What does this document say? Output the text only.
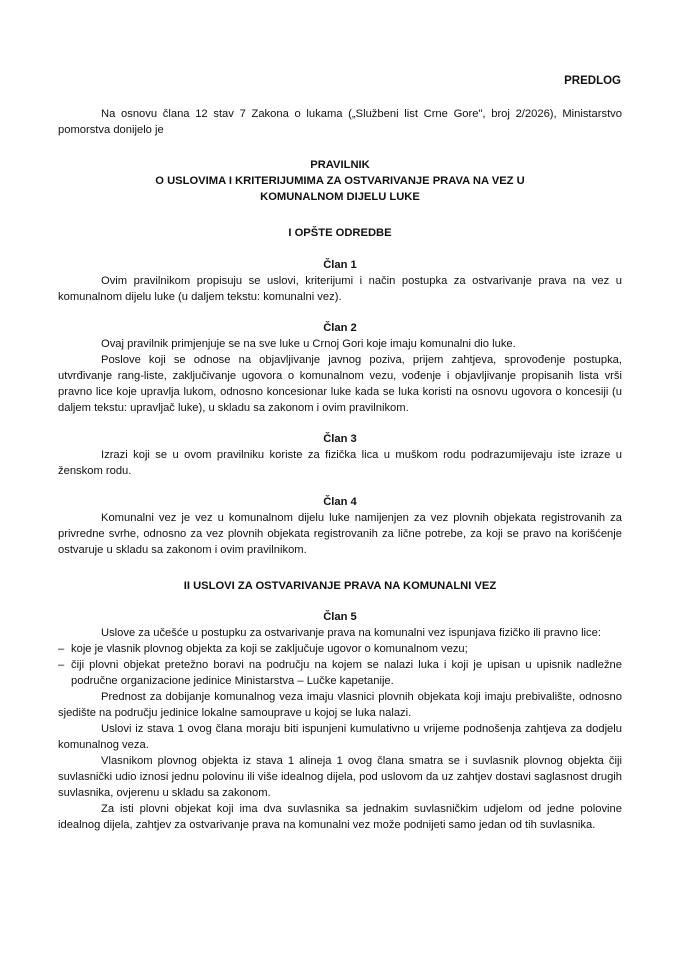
PREDLOG

Na osnovu člana 12 stav 7 Zakona o lukama („Službeni list Crne Gore", broj 2/2026), Ministarstvo pomorstva donijelo je

PRAVILNIK
O USLOVIMA I KRITERIJUMIMA ZA OSTVARIVANJE PRAVA NA VEZ U KOMUNALNOM DIJELU LUKE
I OPŠTE ODREDBE
Član 1

Ovim pravilnikom propisuju se uslovi, kriterijumi i način postupka za ostvarivanje prava na vez u komunalnom dijelu luke (u daljem tekstu: komunalni vez).

Član 2

Ovaj pravilnik primjenjuje se na sve luke u Crnoj Gori koje imaju komunalni dio luke.

Poslove koji se odnose na objavljivanje javnog poziva, prijem zahtjeva, sprovođenje postupka, utvrđivanje rang-liste, zaključivanje ugovora o komunalnom vezu, vođenje i objavljivanje propisanih lista vrši pravno lice koje upravlja lukom, odnosno koncesionar luke kada se luka koristi na osnovu ugovora o koncesiji (u daljem tekstu: upravljač luke), u skladu sa zakonom i ovim pravilnikom.

Član 3

Izrazi koji se u ovom pravilniku koriste za fizička lica u muškom rodu podrazumijevaju iste izraze u ženskom rodu.

Član 4

Komunalni vez je vez u komunalnom dijelu luke namijenjen za vez plovnih objekata registrovanih za privredne svrhe, odnosno za vez plovnih objekata registrovanih za lične potrebe, za koji se pravo na korišćenje ostvaruje u skladu sa zakonom i ovim pravilnikom.

II USLOVI ZA OSTVARIVANJE PRAVA NA KOMUNALNI VEZ
Član 5

Uslove za učešće u postupku za ostvarivanje prava na komunalni vez ispunjava fizičko ili pravno lice:

– koje je vlasnik plovnog objekta za koji se zaključuje ugovor o komunalnom vezu;
– čiji plovni objekat pretežno boravi na području na kojem se nalazi luka i koji je upisan u upisnik nadležne područne organizacione jedinice Ministarstva – Lučke kapetanije.

Prednost za dobijanje komunalnog veza imaju vlasnici plovnih objekata koji imaju prebivalište, odnosno sjedište na području jedinice lokalne samouprave u kojoj se luka nalazi.

Uslovi iz stava 1 ovog člana moraju biti ispunjeni kumulativno u vrijeme podnošenja zahtjeva za dodjelu komunalnog veza.

Vlasnikom plovnog objekta iz stava 1 alineja 1 ovog člana smatra se i suvlasnik plovnog objekta čiji suvlasnički udio iznosi jednu polovinu ili više idealnog dijela, pod uslovom da uz zahtjev dostavi saglasnost drugih suvlasnika, ovjerenu u skladu sa zakonom.

Za isti plovni objekat koji ima dva suvlasnika sa jednakim suvlasničkim udjelom od jedne polovine idealnog dijela, zahtjev za ostvarivanje prava na komunalni vez može podnijeti samo jedan od tih suvlasnika.
